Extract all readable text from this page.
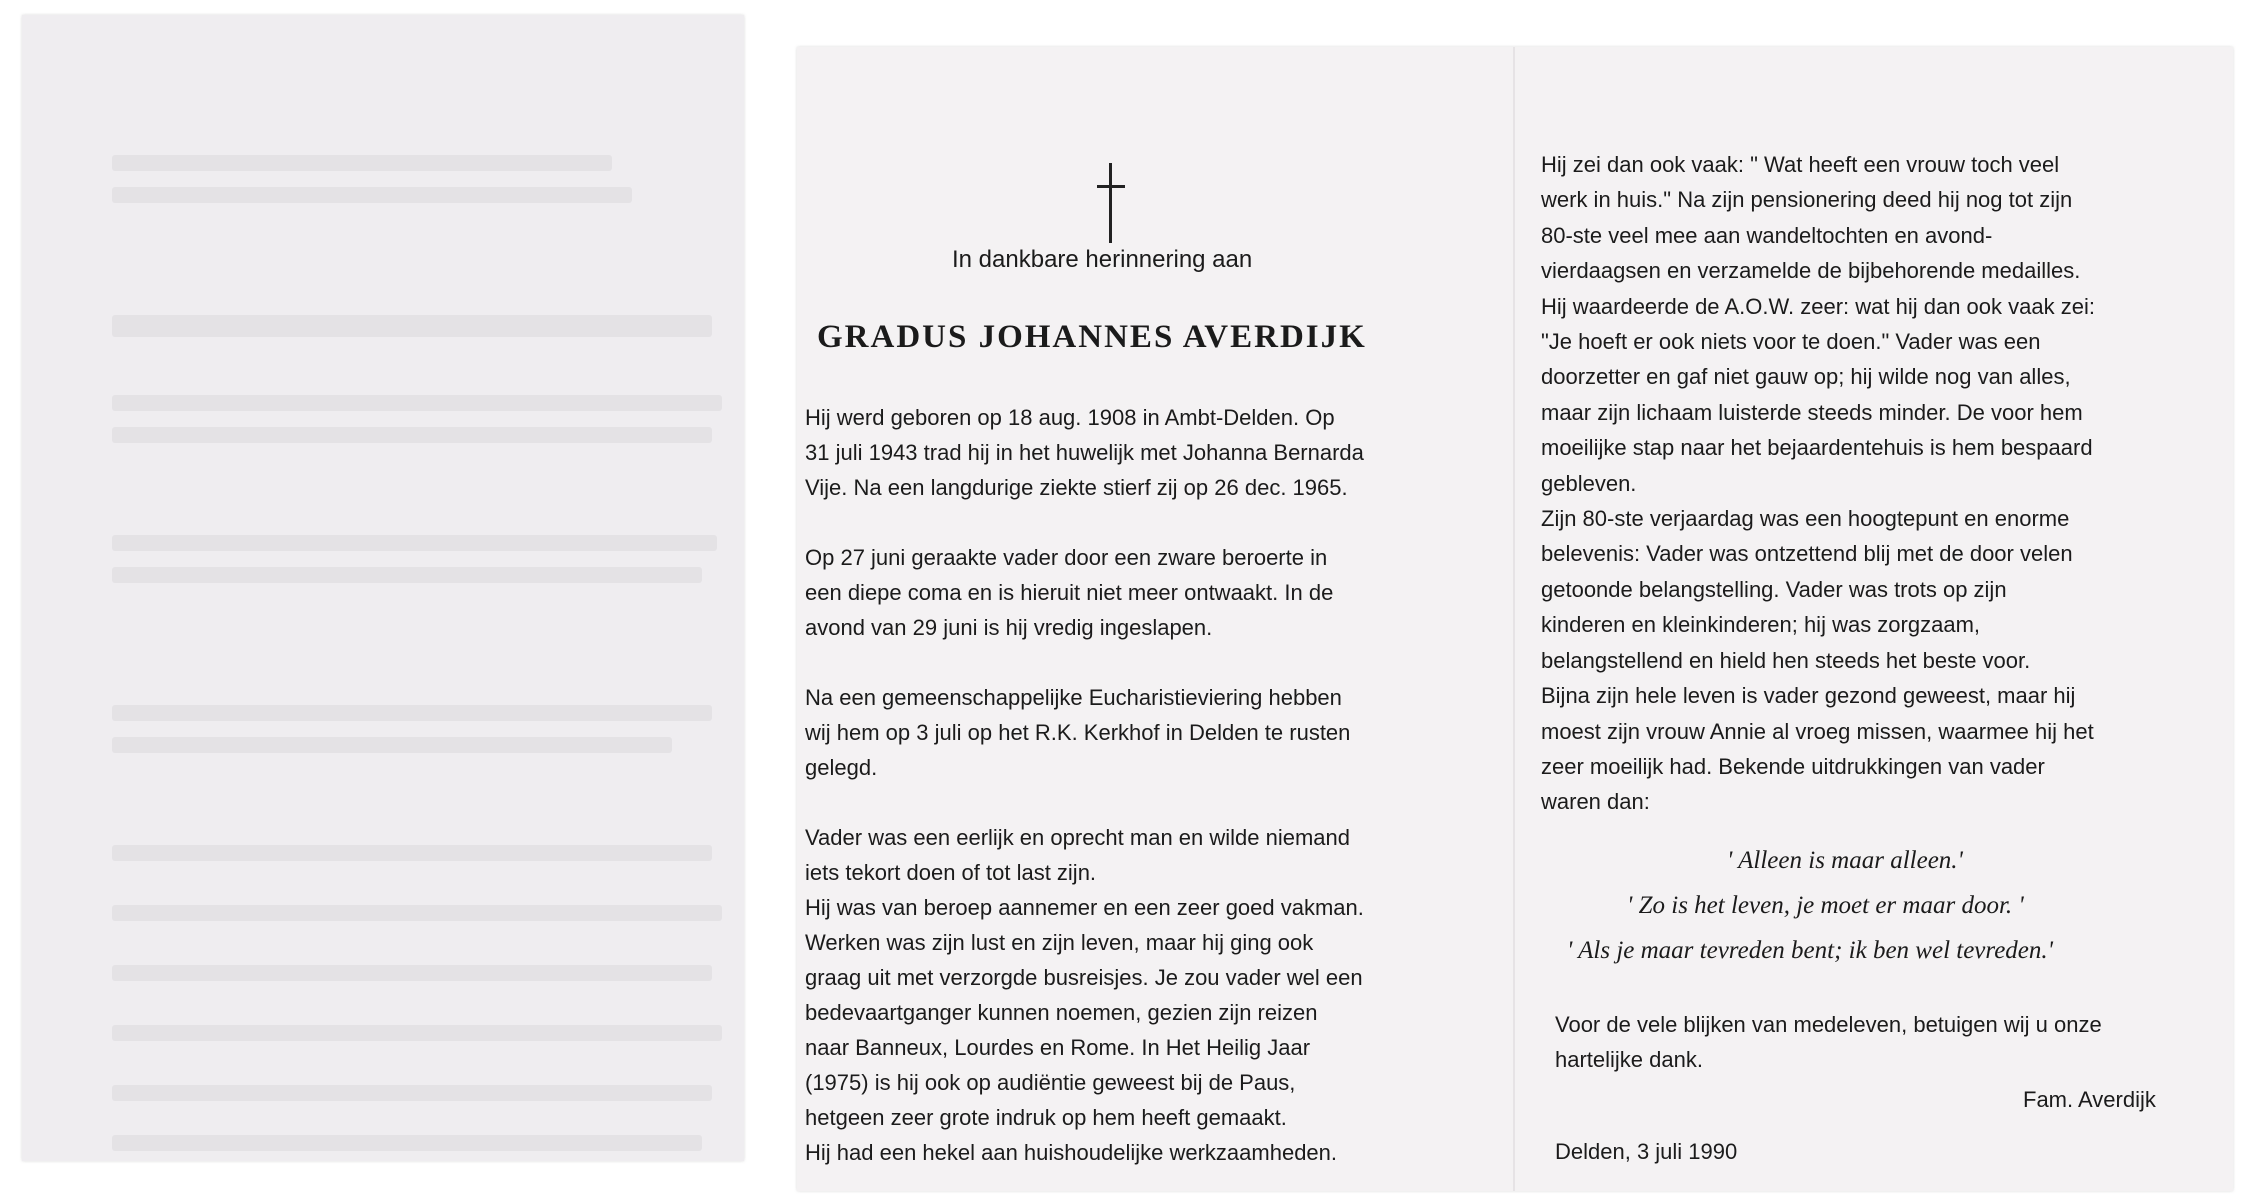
In dankbare herinnering aan
GRADUS JOHANNES AVERDIJK
Hij werd geboren op 18 aug. 1908 in Ambt-Delden. Op
31 juli 1943 trad hij in het huwelijk met Johanna Bernarda
Vije. Na een langdurige ziekte stierf zij op 26 dec. 1965.
Op 27 juni geraakte vader door een zware beroerte in
een diepe coma en is hieruit niet meer ontwaakt. In de
avond van 29 juni is hij vredig ingeslapen.
Na een gemeenschappelijke Eucharistieviering hebben
wij hem op 3 juli op het R.K. Kerkhof in Delden te rusten
gelegd.
Vader was een eerlijk en oprecht man en wilde niemand
iets tekort doen of tot last zijn.
Hij was van beroep aannemer en een zeer goed vakman.
Werken was zijn lust en zijn leven, maar hij ging ook
graag uit met verzorgde busreisjes. Je zou vader wel een
bedevaartganger kunnen noemen, gezien zijn reizen
naar Banneux, Lourdes en Rome. In Het Heilig Jaar
(1975) is hij ook op audiëntie geweest bij de Paus,
hetgeen zeer grote indruk op hem heeft gemaakt.
Hij had een hekel aan huishoudelijke werkzaamheden.
Hij zei dan ook vaak: " Wat heeft een vrouw toch veel
werk in huis." Na zijn pensionering deed hij nog tot zijn
80-ste veel mee aan wandeltochten en avond-
vierdaagsen en verzamelde de bijbehorende medailles.
Hij waardeerde de A.O.W. zeer: wat hij dan ook vaak zei:
"Je hoeft er ook niets voor te doen." Vader was een
doorzetter en gaf niet gauw op; hij wilde nog van alles,
maar zijn lichaam luisterde steeds minder. De voor hem
moeilijke stap naar het bejaardentehuis is hem bespaard
gebleven.
Zijn 80-ste verjaardag was een hoogtepunt en enorme
belevenis: Vader was ontzettend blij met de door velen
getoonde belangstelling. Vader was trots op zijn
kinderen en kleinkinderen; hij was zorgzaam,
belangstellend en hield hen steeds het beste voor.
Bijna zijn hele leven is vader gezond geweest, maar hij
moest zijn vrouw Annie al vroeg missen, waarmee hij het
zeer moeilijk had. Bekende uitdrukkingen van vader
waren dan:
' Alleen is maar alleen.'
' Zo is het leven, je moet er maar door. '
' Als je maar tevreden bent; ik ben wel tevreden.'
Voor de vele blijken van medeleven, betuigen wij u onze
hartelijke dank.
Fam. Averdijk
Delden, 3 juli 1990
